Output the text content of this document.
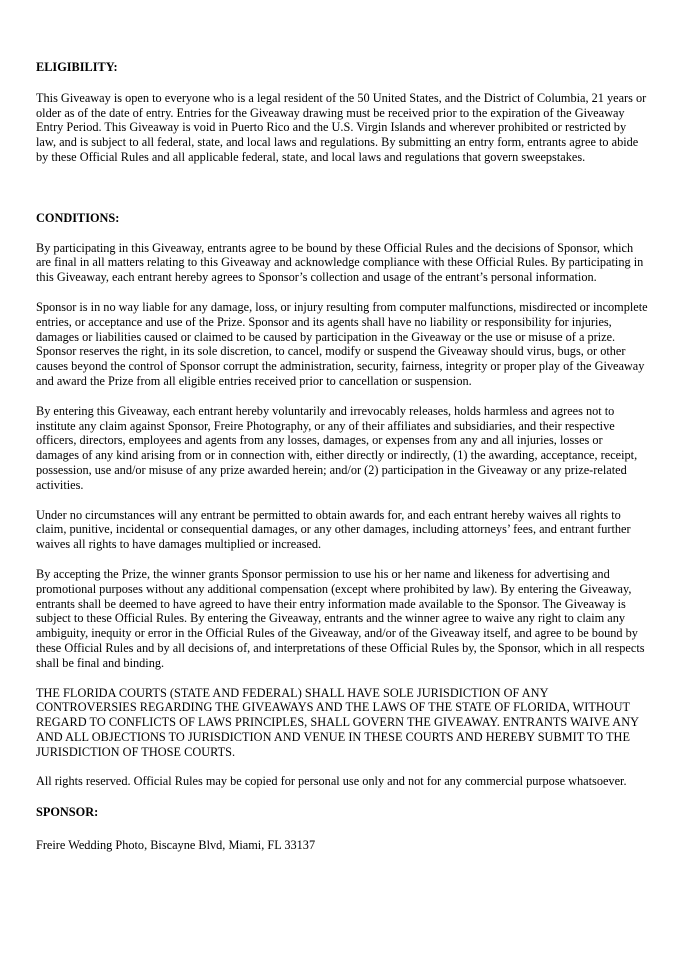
ELIGIBILITY:

This Giveaway is open to everyone who is a legal resident of the 50 United States, and the District of Columbia, 21 years or older as of the date of entry. Entries for the Giveaway drawing must be received prior to the expiration of the Giveaway Entry Period. This Giveaway is void in Puerto Rico and the U.S. Virgin Islands and wherever prohibited or restricted by law, and is subject to all federal, state, and local laws and regulations. By submitting an entry form, entrants agree to abide by these Official Rules and all applicable federal, state, and local laws and regulations that govern sweepstakes.

CONDITIONS:

By participating in this Giveaway, entrants agree to be bound by these Official Rules and the decisions of Sponsor, which are final in all matters relating to this Giveaway and acknowledge compliance with these Official Rules. By participating in this Giveaway, each entrant hereby agrees to Sponsor’s collection and usage of the entrant’s personal information.

Sponsor is in no way liable for any damage, loss, or injury resulting from computer malfunctions, misdirected or incomplete entries, or acceptance and use of the Prize. Sponsor and its agents shall have no liability or responsibility for injuries, damages or liabilities caused or claimed to be caused by participation in the Giveaway or the use or misuse of a prize. Sponsor reserves the right, in its sole discretion, to cancel, modify or suspend the Giveaway should virus, bugs, or other causes beyond the control of Sponsor corrupt the administration, security, fairness, integrity or proper play of the Giveaway and award the Prize from all eligible entries received prior to cancellation or suspension.

By entering this Giveaway, each entrant hereby voluntarily and irrevocably releases, holds harmless and agrees not to institute any claim against Sponsor, Freire Photography, or any of their affiliates and subsidiaries, and their respective officers, directors, employees and agents from any losses, damages, or expenses from any and all injuries, losses or damages of any kind arising from or in connection with, either directly or indirectly, (1) the awarding, acceptance, receipt, possession, use and/or misuse of any prize awarded herein; and/or (2) participation in the Giveaway or any prize-related activities.

Under no circumstances will any entrant be permitted to obtain awards for, and each entrant hereby waives all rights to claim, punitive, incidental or consequential damages, or any other damages, including attorneys’ fees, and entrant further waives all rights to have damages multiplied or increased.

By accepting the Prize, the winner grants Sponsor permission to use his or her name and likeness for advertising and promotional purposes without any additional compensation (except where prohibited by law). By entering the Giveaway, entrants shall be deemed to have agreed to have their entry information made available to the Sponsor. The Giveaway is subject to these Official Rules. By entering the Giveaway, entrants and the winner agree to waive any right to claim any ambiguity, inequity or error in the Official Rules of the Giveaway, and/or of the Giveaway itself, and agree to be bound by these Official Rules and by all decisions of, and interpretations of these Official Rules by, the Sponsor, which in all respects shall be final and binding.

THE FLORIDA COURTS (STATE AND FEDERAL) SHALL HAVE SOLE JURISDICTION OF ANY CONTROVERSIES REGARDING THE GIVEAWAYS AND THE LAWS OF THE STATE OF FLORIDA, WITHOUT REGARD TO CONFLICTS OF LAWS PRINCIPLES, SHALL GOVERN THE GIVEAWAY. ENTRANTS WAIVE ANY AND ALL OBJECTIONS TO JURISDICTION AND VENUE IN THESE COURTS AND HEREBY SUBMIT TO THE JURISDICTION OF THOSE COURTS.

All rights reserved. Official Rules may be copied for personal use only and not for any commercial purpose whatsoever.

SPONSOR:

Freire Wedding Photo, Biscayne Blvd, Miami, FL 33137
